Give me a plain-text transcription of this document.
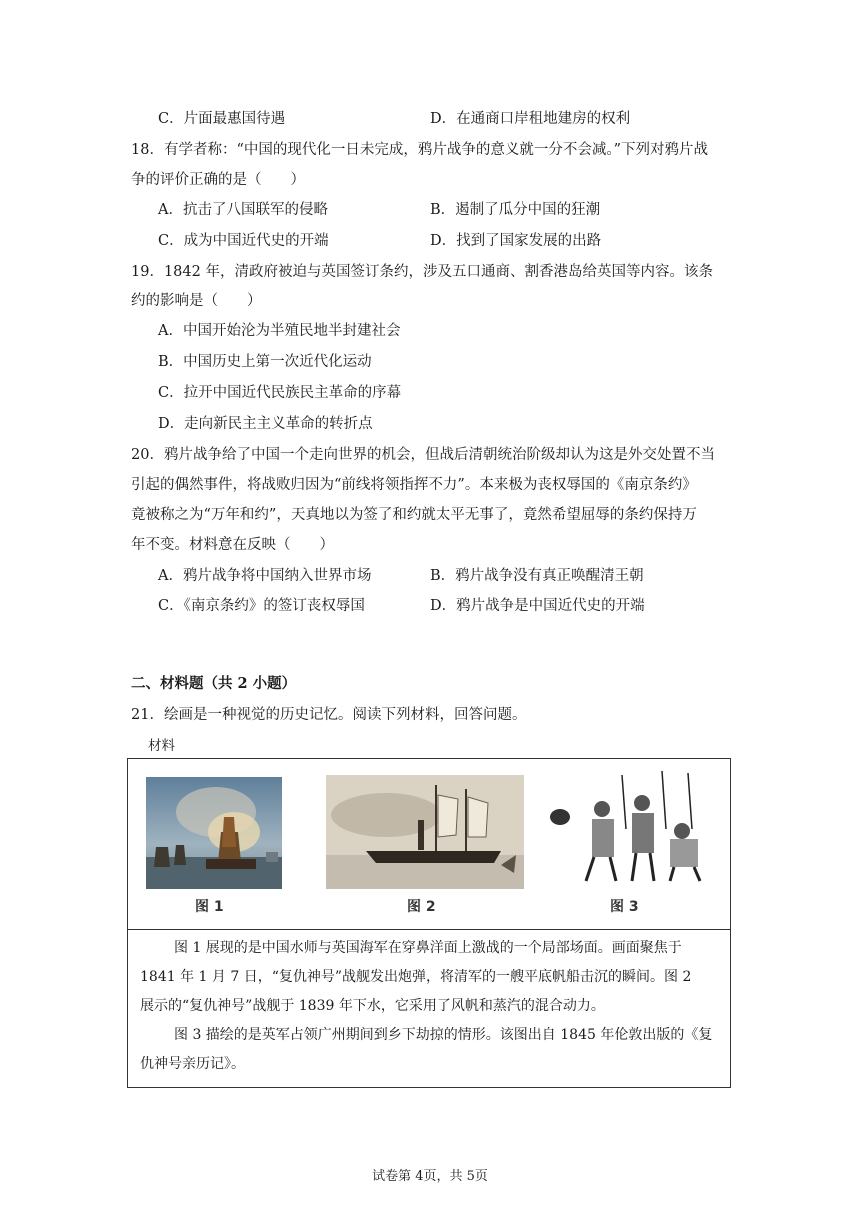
C．片面最惠国待遇	D．在通商口岸租地建房的权利
18．有学者称：“中国的现代化一日未完成，鸦片战争的意义就一分不会减。”下列对鸦片战
争的评价正确的是（　　）
A．抗击了八国联军的侵略	B．遏制了瓜分中国的狂潮
C．成为中国近代史的开端	D．找到了国家发展的出路
19．1842 年，清政府被迫与英国签订条约，涉及五口通商、割香港岛给英国等内容。该条
约的影响是（　　）
A．中国开始沦为半殖民地半封建社会
B．中国历史上第一次近代化运动
C．拉开中国近代民族民主革命的序幕
D．走向新民主主义革命的转折点
20．鸦片战争给了中国一个走向世界的机会，但战后清朝统治阶级却认为这是外交处置不当
引起的偶然事件，将战败归因为“前线将领指挥不力”。本来极为丧权辱国的《南京条约》
竟被称之为“万年和约”，天真地以为签了和约就太平无事了，竟然希望屈辱的条约保持万
年不变。材料意在反映（　　）
A．鸦片战争将中国纳入世界市场	B．鸦片战争没有真正唤醒清王朝
C．《南京条约》的签订丧权辱国	D．鸦片战争是中国近代史的开端
二、材料题（共 2 小题）
21．绘画是一种视觉的历史记忆。阅读下列材料，回答问题。
材料
图 1	图 2	图 3
图 1 展现的是中国水师与英国海军在穿鼻洋面上激战的一个局部场面。画面聚焦于
1841 年 1 月 7 日，“复仇神号”战舰发出炮弹，将清军的一艘平底帆船击沉的瞬间。图 2
展示的“复仇神号”战舰于 1839 年下水，它采用了风帆和蒸汽的混合动力。
图 3 描绘的是英军占领广州期间到乡下劫掠的情形。该图出自 1845 年伦敦出版的《复
仇神号亲历记》。
试卷第 4页，共 5页
